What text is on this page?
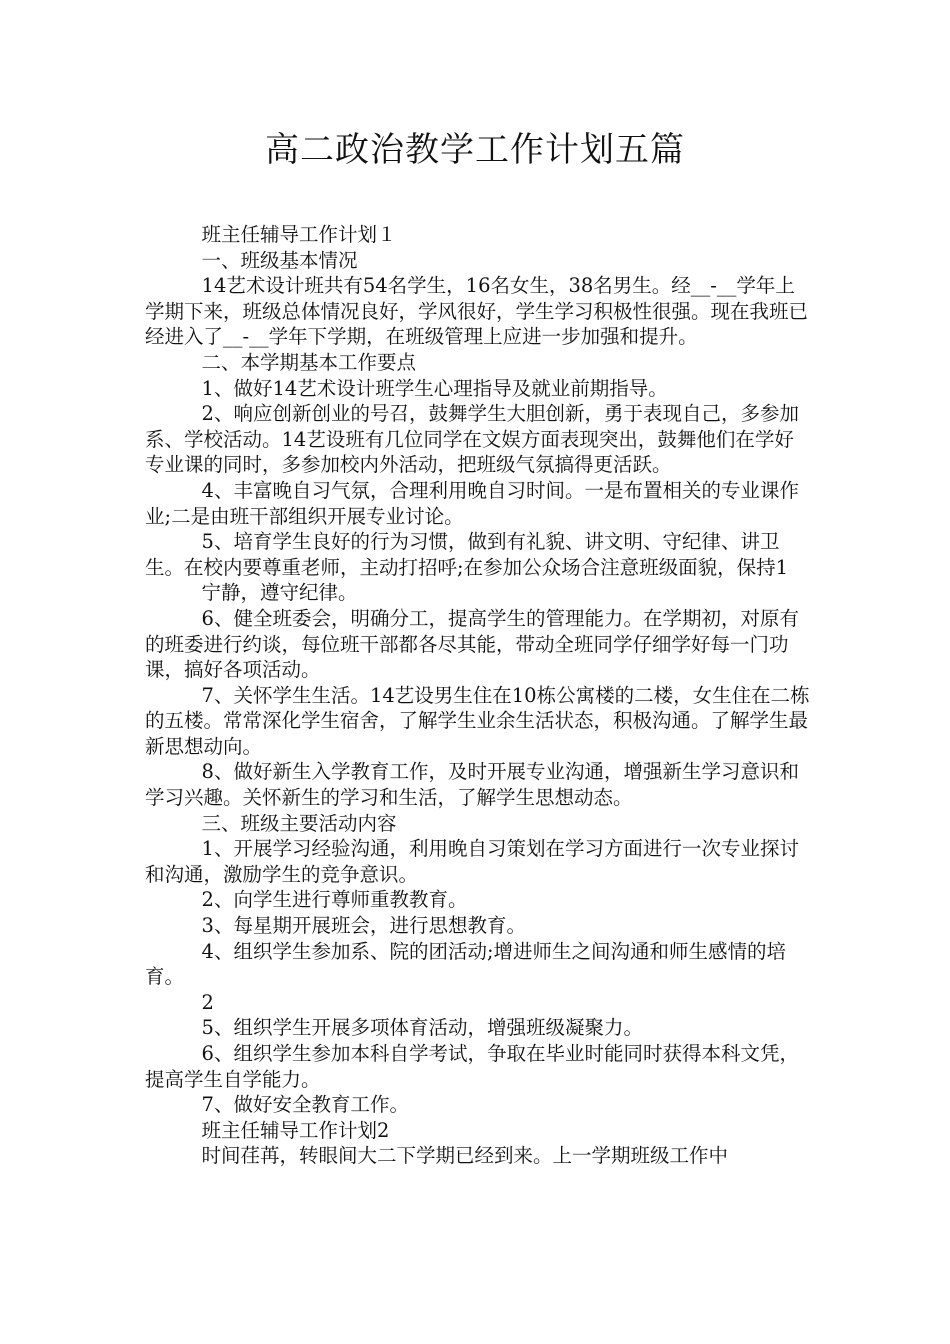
高二政治教学工作计划五篇

班主任辅导工作计划１

一、班级基本情况

14艺术设计班共有54名学生，16名女生，38名男生。经__-__学年上学期下来，班级总体情况良好，学风很好，学生学习积极性很强。现在我班已经进入了__-__学年下学期，在班级管理上应进一步加强和提升。

二、本学期基本工作要点

1、做好14艺术设计班学生心理指导及就业前期指导。

2、响应创新创业的号召，鼓舞学生大胆创新，勇于表现自己，多参加系、学校活动。14艺设班有几位同学在文娱方面表现突出，鼓舞他们在学好专业课的同时，多参加校内外活动，把班级气氛搞得更活跃。

4、丰富晚自习气氛，合理利用晚自习时间。一是布置相关的专业课作业;二是由班干部组织开展专业讨论。

5、培育学生良好的行为习惯，做到有礼貌、讲文明、守纪律、讲卫生。在校内要尊重老师，主动打招呼;在参加公众场合注意班级面貌，保持1

宁静，遵守纪律。

6、健全班委会，明确分工，提高学生的管理能力。在学期初，对原有的班委进行约谈，每位班干部都各尽其能，带动全班同学仔细学好每一门功课，搞好各项活动。

7、关怀学生生活。14艺设男生住在10栋公寓楼的二楼，女生住在二栋的五楼。常常深化学生宿舍，了解学生业余生活状态，积极沟通。了解学生最新思想动向。

8、做好新生入学教育工作，及时开展专业沟通，增强新生学习意识和学习兴趣。关怀新生的学习和生活，了解学生思想动态。

三、班级主要活动内容

1、开展学习经验沟通，利用晚自习策划在学习方面进行一次专业探讨和沟通，激励学生的竞争意识。

2、向学生进行尊师重教教育。

3、每星期开展班会，进行思想教育。

4、组织学生参加系、院的团活动;增进师生之间沟通和师生感情的培育。

2

5、组织学生开展多项体育活动，增强班级凝聚力。

6、组织学生参加本科自学考试，争取在毕业时能同时获得本科文凭，提高学生自学能力。

7、做好安全教育工作。

班主任辅导工作计划2

时间荏苒，转眼间大二下学期已经到来。上一学期班级工作中
